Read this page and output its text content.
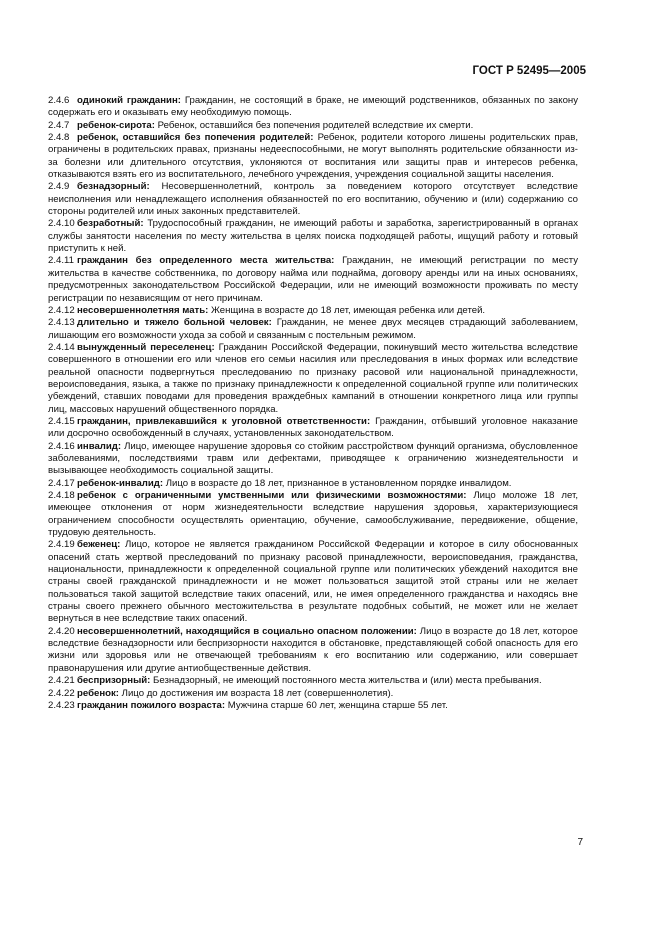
ГОСТ Р 52495—2005

2.4.6 одинокий гражданин: Гражданин, не состоящий в браке, не имеющий родственников, обязанных по закону содержать его и оказывать ему необходимую помощь.

2.4.7 ребенок-сирота: Ребенок, оставшийся без попечения родителей вследствие их смерти.

2.4.8 ребенок, оставшийся без попечения родителей: Ребенок, родители которого лишены родительских прав, ограничены в родительских правах, признаны недееспособными, не могут выполнять родительские обязанности из-за болезни или длительного отсутствия, уклоняются от воспитания или защиты прав и интересов ребенка, отказываются взять его из воспитательного, лечебного учреждения, учреждения социальной защиты населения.

2.4.9 безнадзорный: Несовершеннолетний, контроль за поведением которого отсутствует вследствие неисполнения или ненадлежащего исполнения обязанностей по его воспитанию, обучению и (или) содержанию со стороны родителей или иных законных представителей.

2.4.10 безработный: Трудоспособный гражданин, не имеющий работы и заработка, зарегистрированный в органах службы занятости населения по месту жительства в целях поиска подходящей работы, ищущий работу и готовый приступить к ней.

2.4.11 гражданин без определенного места жительства: Гражданин, не имеющий регистрации по месту жительства в качестве собственника, по договору найма или поднайма, договору аренды или на иных основаниях, предусмотренных законодательством Российской Федерации, или не имеющий возможности проживать по месту регистрации по независящим от него причинам.

2.4.12 несовершеннолетняя мать: Женщина в возрасте до 18 лет, имеющая ребенка или детей.

2.4.13 длительно и тяжело больной человек: Гражданин, не менее двух месяцев страдающий заболеванием, лишающим его возможности ухода за собой и связанным с постельным режимом.

2.4.14 вынужденный переселенец: Гражданин Российской Федерации, покинувший место жительства вследствие совершенного в отношении его или членов его семьи насилия или преследования в иных формах или вследствие реальной опасности подвергнуться преследованию по признаку расовой или национальной принадлежности, вероисповедания, языка, а также по признаку принадлежности к определенной социальной группе или политических убеждений, ставших поводами для проведения враждебных кампаний в отношении конкретного лица или группы лиц, массовых нарушений общественного порядка.

2.4.15 гражданин, привлекавшийся к уголовной ответственности: Гражданин, отбывший уголовное наказание или досрочно освобожденный в случаях, установленных законодательством.

2.4.16 инвалид: Лицо, имеющее нарушение здоровья со стойким расстройством функций организма, обусловленное заболеваниями, последствиями травм или дефектами, приводящее к ограничению жизнедеятельности и вызывающее необходимость социальной защиты.

2.4.17 ребенок-инвалид: Лицо в возрасте до 18 лет, признанное в установленном порядке инвалидом.

2.4.18 ребенок с ограниченными умственными или физическими возможностями: Лицо моложе 18 лет, имеющее отклонения от норм жизнедеятельности вследствие нарушения здоровья, характеризующиеся ограничением способности осуществлять ориентацию, обучение, самообслуживание, передвижение, общение, трудовую деятельность.

2.4.19 беженец: Лицо, которое не является гражданином Российской Федерации и которое в силу обоснованных опасений стать жертвой преследований по признаку расовой принадлежности, вероисповедания, гражданства, национальности, принадлежности к определенной социальной группе или политических убеждений находится вне страны своей гражданской принадлежности и не может пользоваться защитой этой страны или не желает пользоваться такой защитой вследствие таких опасений, или, не имея определенного гражданства и находясь вне страны своего прежнего обычного местожительства в результате подобных событий, не может или не желает вернуться в нее вследствие таких опасений.

2.4.20 несовершеннолетний, находящийся в социально опасном положении: Лицо в возрасте до 18 лет, которое вследствие безнадзорности или беспризорности находится в обстановке, представляющей собой опасность для его жизни или здоровья или не отвечающей требованиям к его воспитанию или содержанию, или совершает правонарушения или другие антиобщественные действия.

2.4.21 беспризорный: Безнадзорный, не имеющий постоянного места жительства и (или) места пребывания.

2.4.22 ребенок: Лицо до достижения им возраста 18 лет (совершеннолетия).

2.4.23 гражданин пожилого возраста: Мужчина старше 60 лет, женщина старше 55 лет.

7
